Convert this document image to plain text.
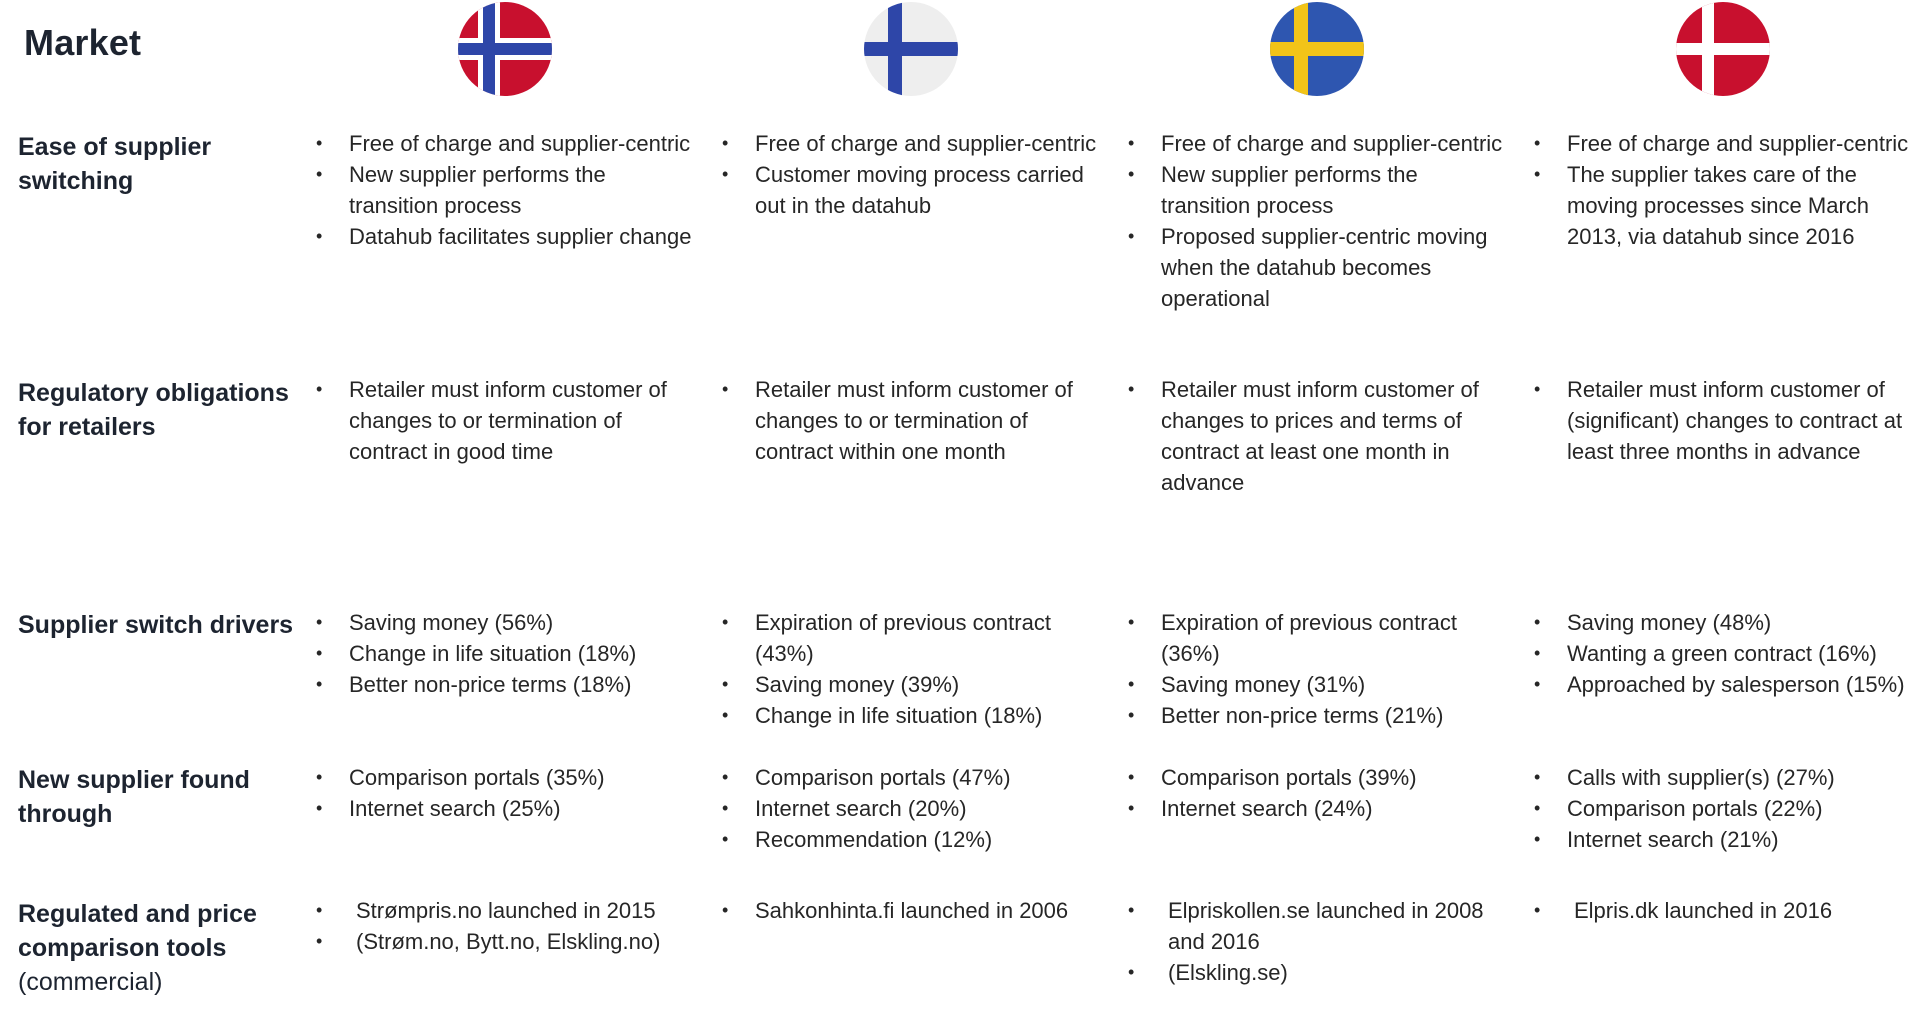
Market
Ease of supplier switching
Regulatory obligations for retailers
Supplier switch drivers
New supplier found through
Regulated and price comparison tools
(commercial)
• Free of charge and supplier-centric
• New supplier performs the transition process
• Datahub facilitates supplier change
• Free of charge and supplier-centric
• Customer moving process carried out in the datahub
• Free of charge and supplier-centric
• New supplier performs the transition process
• Proposed supplier-centric moving when the datahub becomes operational
• Free of charge and supplier-centric
• The supplier takes care of the moving processes since March 2013, via datahub since 2016
• Retailer must inform customer of changes to or termination of contract in good time
• Retailer must inform customer of changes to or termination of contract within one month
• Retailer must inform customer of changes to prices and terms of contract at least one month in advance
• Retailer must inform customer of (significant) changes to contract at least three months in advance
• Saving money (56%)
• Change in life situation (18%)
• Better non-price terms (18%)
• Expiration of previous contract (43%)
• Saving money (39%)
• Change in life situation (18%)
• Expiration of previous contract (36%)
• Saving money (31%)
• Better non-price terms (21%)
• Saving money (48%)
• Wanting a green contract (16%)
• Approached by salesperson (15%)
• Comparison portals (35%)
• Internet search (25%)
• Comparison portals (47%)
• Internet search (20%)
• Recommendation (12%)
• Comparison portals (39%)
• Internet search (24%)
• Calls with supplier(s) (27%)
• Comparison portals (22%)
• Internet search (21%)
• Strømpris.no launched in 2015
• (Strøm.no, Bytt.no, Elskling.no)
• Sahkonhinta.fi launched in 2006
•	Elpriskollen.se launched in 2008 and 2016
• (Elskling.se)
• Elpris.dk launched in 2016
